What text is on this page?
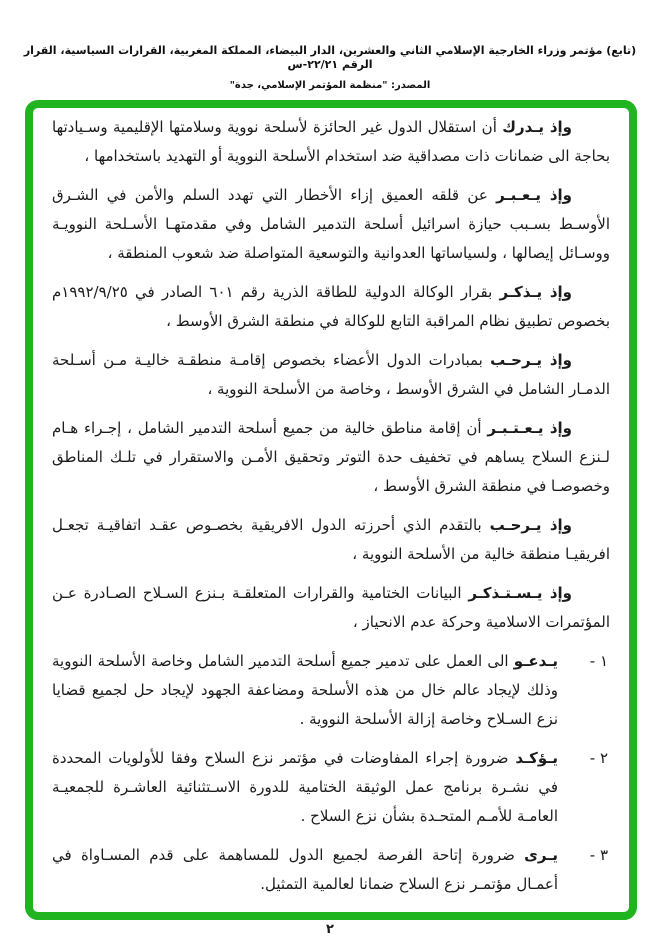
(تابع) مؤتمر وزراء الخارجية الإسلامي الثاني والعشرين، الدار البيضاء، المملكة المغربية، القرارات السياسية، القرار الرقم ٢٢/٢١-س
المصدر: "منظمة المؤتمر الإسلامي، جدة"

وإذ يـدرك أن استقلال الدول غير الحائزة لأسلحة نووية وسلامتها الإقليمية وسـيادتها بحاجة الى ضمانات ذات مصداقية ضد استخدام الأسلحة النووية أو التهديد باستخدامها ،

وإذ يـعـبـر عن قلقه العميق إزاء الأخطار التي تهدد السلم والأمن في الشـرق الأوسـط بسـبب حيازة اسرائيل أسلحة التدمير الشامل وفي مقدمتهـا الأسـلحة النوويـة ووسـائل إيصالها ، ولسياساتها العدوانية والتوسعية المتواصلة ضد شعوب المنطقة ،

وإذ يـذكـر بقرار الوكالة الدولية للطاقة الذرية رقم ٦٠١ الصادر في ١٩٩٢/٩/٢٥م بخصوص تطبيق نظام المراقبة التابع للوكالة في منطقة الشرق الأوسط ،

وإذ يـرحـب بمبادرات الدول الأعضاء بخصوص إقامـة منطقـة خاليـة مـن أسـلحة الدمـار الشامل في الشرق الأوسط ، وخاصة من الأسلحة النووية ،

وإذ يـعـتـبـر أن إقامة مناطق خالية من جميع أسلحة التدمير الشامل ، إجـراء هـام لـنزع السلاح يساهم في تخفيف حدة التوتر وتحقيق الأمـن والاستقرار في تلـك المناطق وخصوصـا في منطقة الشرق الأوسط ،

وإذ يـرحـب بالتقدم الذي أحرزته الدول الافريقية بخصـوص عقـد اتفاقيـة تجعـل افريقيـا منطقة خالية من الأسلحة النووية ،

وإذ يـسـتـذكـر البيانات الختامية والقرارات المتعلقـة بـنزع السـلاح الصـادرة عـن المؤتمرات الاسلامية وحركة عدم الانحياز ،

١ -

يـدعـو الى العمل على تدمير جميع أسلحة التدمير الشامل وخاصة الأسلحة النووية وذلك لإيجاد عالم خال من هذه الأسلحة ومضاعفة الجهود لإيجاد حل لجميع قضايا نزع السـلاح وخاصة إزالة الأسلحة النووية .

٢ -

يـؤكـد ضرورة إجراء المفاوضات في مؤتمر نزع السلاح وفقا للأولويات المحددة في نشـرة برنامج عمل الوثيقة الختامية للدورة الاسـتثنائية العاشـرة للجمعيـة العامـة للأمـم المتحـدة بشأن نزع السلاح .

٣ -

يـرى ضرورة إتاحة الفرصة لجميع الدول للمساهمة على قدم المسـاواة في أعمـال مؤتمـر نزع السلاح ضمانا لعالمية التمثيل.

٢
